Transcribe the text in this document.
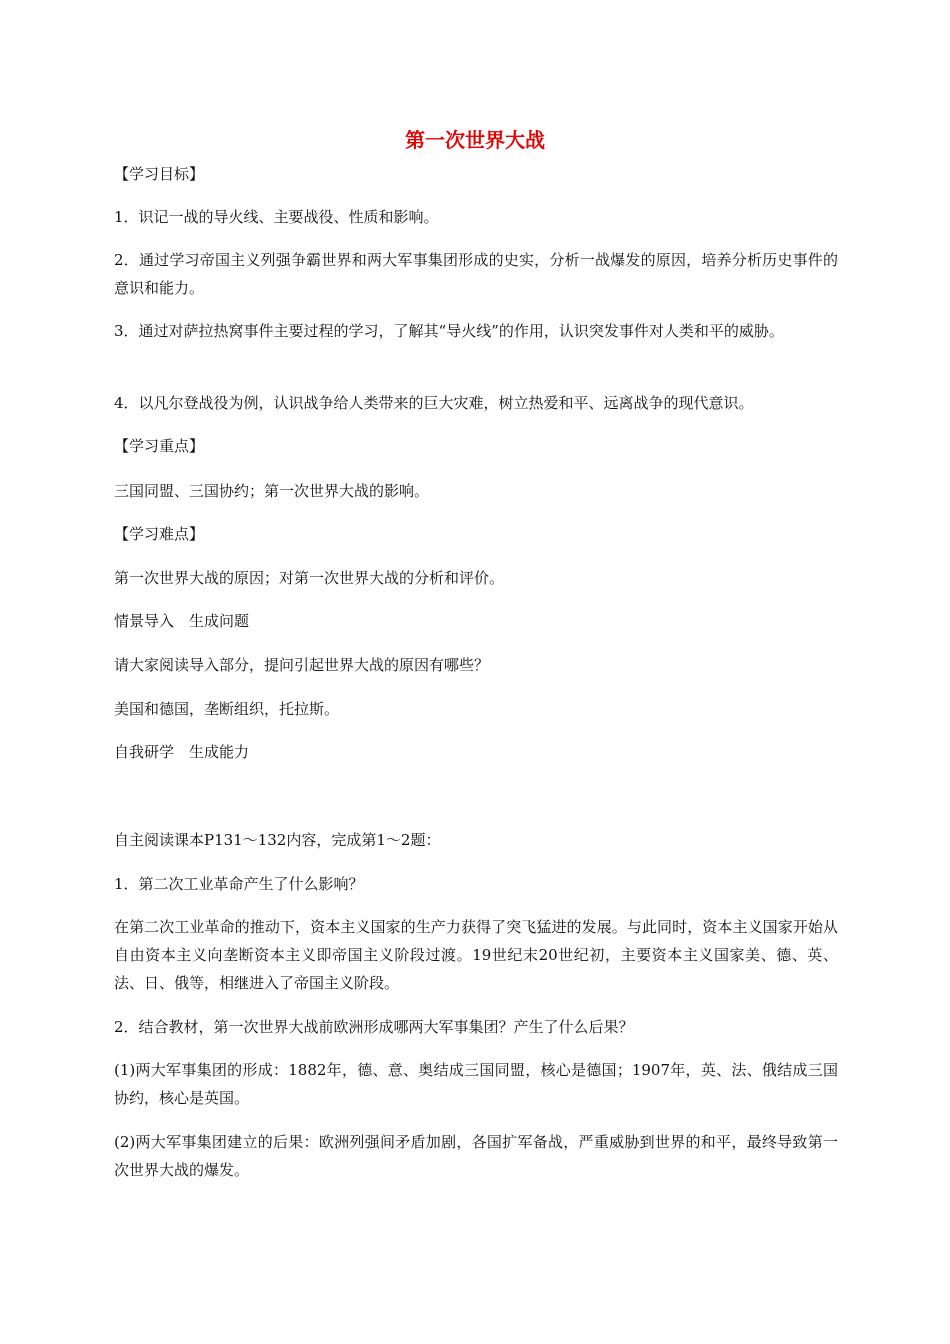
第一次世界大战
【学习目标】
1．识记一战的导火线、主要战役、性质和影响。
2．通过学习帝国主义列强争霸世界和两大军事集团形成的史实，分析一战爆发的原因，培养分析历史事件的意识和能力。
3．通过对萨拉热窝事件主要过程的学习，了解其“导火线”的作用，认识突发事件对人类和平的威胁。
4．以凡尔登战役为例，认识战争给人类带来的巨大灾难，树立热爱和平、远离战争的现代意识。
【学习重点】
三国同盟、三国协约；第一次世界大战的影响。
【学习难点】
第一次世界大战的原因；对第一次世界大战的分析和评价。
情景导入　生成问题
请大家阅读导入部分，提问引起世界大战的原因有哪些？
美国和德国，垄断组织，托拉斯。
自我研学　生成能力
自主阅读课本P131～132内容，完成第1～2题：
1．第二次工业革命产生了什么影响？
在第二次工业革命的推动下，资本主义国家的生产力获得了突飞猛进的发展。与此同时，资本主义国家开始从自由资本主义向垄断资本主义即帝国主义阶段过渡。19世纪末20世纪初，主要资本主义国家美、德、英、法、日、俄等，相继进入了帝国主义阶段。
2．结合教材，第一次世界大战前欧洲形成哪两大军事集团？产生了什么后果？
(1)两大军事集团的形成：1882年，德、意、奥结成三国同盟，核心是德国；1907年，英、法、俄结成三国协约，核心是英国。
(2)两大军事集团建立的后果：欧洲列强间矛盾加剧，各国扩军备战，严重威胁到世界的和平，最终导致第一次世界大战的爆发。
